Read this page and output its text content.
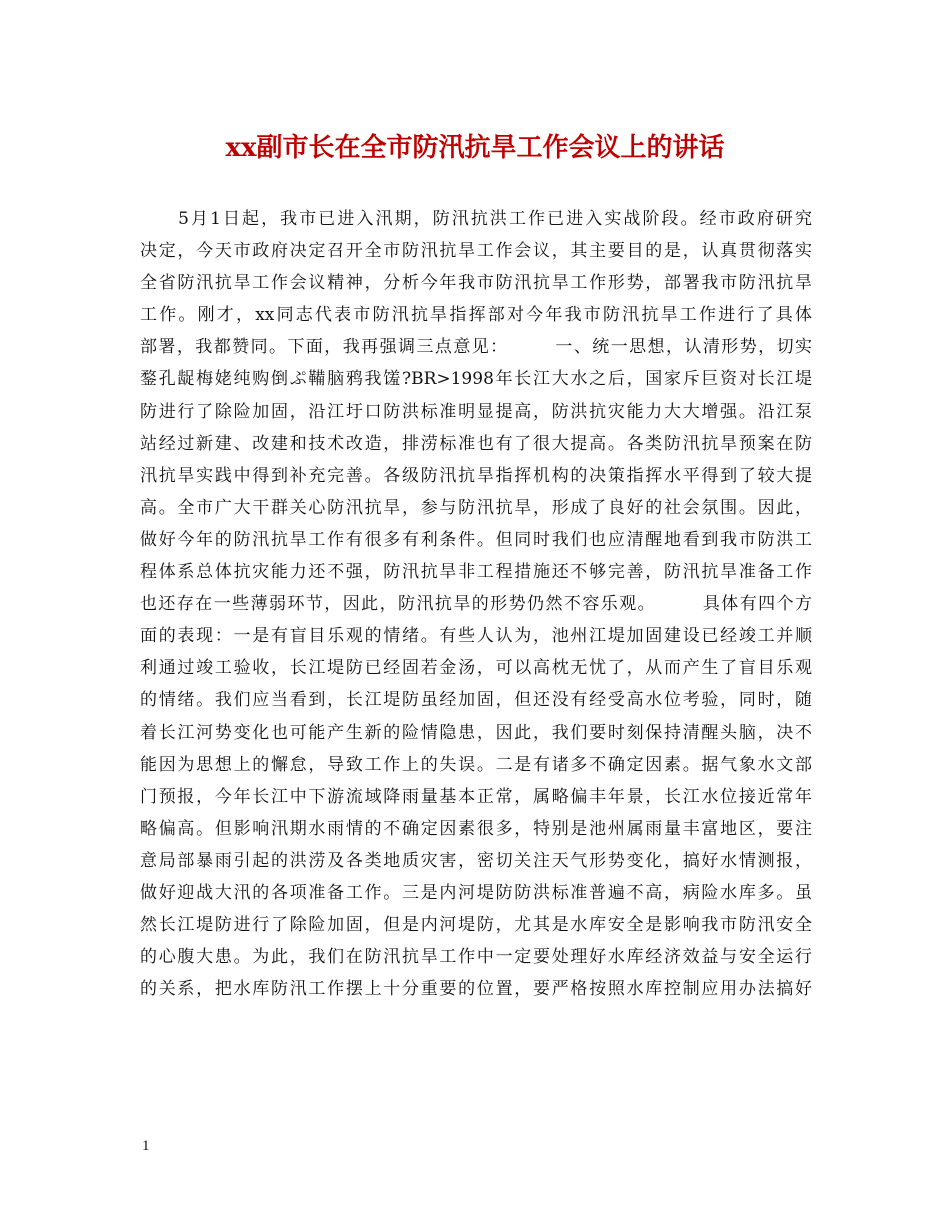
xx副市长在全市防汛抗旱工作会议上的讲话
　　5月1日起，我市已进入汛期，防汛抗洪工作已进入实战阶段。经市政府研究
决定，今天市政府决定召开全市防汛抗旱工作会议，其主要目的是，认真贯彻落实
全省防汛抗旱工作会议精神，分析今年我市防汛抗旱工作形势，部署我市防汛抗旱
工作。刚才，xx同志代表市防汛抗旱指挥部对今年我市防汛抗旱工作进行了具体
部署，我都赞同。下面，我再强调三点意见：　　　一、统一思想，认清形势，切实
鍪孔龊梅姥纯购倒ぷ鞴脑鸦我馐?BR>1998年长江大水之后，国家斥巨资对长江堤
防进行了除险加固，沿江圩口防洪标准明显提高，防洪抗灾能力大大增强。沿江泵
站经过新建、改建和技术改造，排涝标准也有了很大提高。各类防汛抗旱预案在防
汛抗旱实践中得到补充完善。各级防汛抗旱指挥机构的决策指挥水平得到了较大提
高。全市广大干群关心防汛抗旱，参与防汛抗旱，形成了良好的社会氛围。因此，
做好今年的防汛抗旱工作有很多有利条件。但同时我们也应清醒地看到我市防洪工
程体系总体抗灾能力还不强，防汛抗旱非工程措施还不够完善，防汛抗旱准备工作
也还存在一些薄弱环节，因此，防汛抗旱的形势仍然不容乐观。　　　具体有四个方
面的表现：一是有盲目乐观的情绪。有些人认为，池州江堤加固建设已经竣工并顺
利通过竣工验收，长江堤防已经固若金汤，可以高枕无忧了，从而产生了盲目乐观
的情绪。我们应当看到，长江堤防虽经加固，但还没有经受高水位考验，同时，随
着长江河势变化也可能产生新的险情隐患，因此，我们要时刻保持清醒头脑，决不
能因为思想上的懈怠，导致工作上的失误。二是有诸多不确定因素。据气象水文部
门预报，今年长江中下游流域降雨量基本正常，属略偏丰年景，长江水位接近常年
略偏高。但影响汛期水雨情的不确定因素很多，特别是池州属雨量丰富地区，要注
意局部暴雨引起的洪涝及各类地质灾害，密切关注天气形势变化，搞好水情测报，
做好迎战大汛的各项准备工作。三是内河堤防防洪标准普遍不高，病险水库多。虽
然长江堤防进行了除险加固，但是内河堤防，尤其是水库安全是影响我市防汛安全
的心腹大患。为此，我们在防汛抗旱工作中一定要处理好水库经济效益与安全运行
的关系，把水库防汛工作摆上十分重要的位置，要严格按照水库控制应用办法搞好
1
